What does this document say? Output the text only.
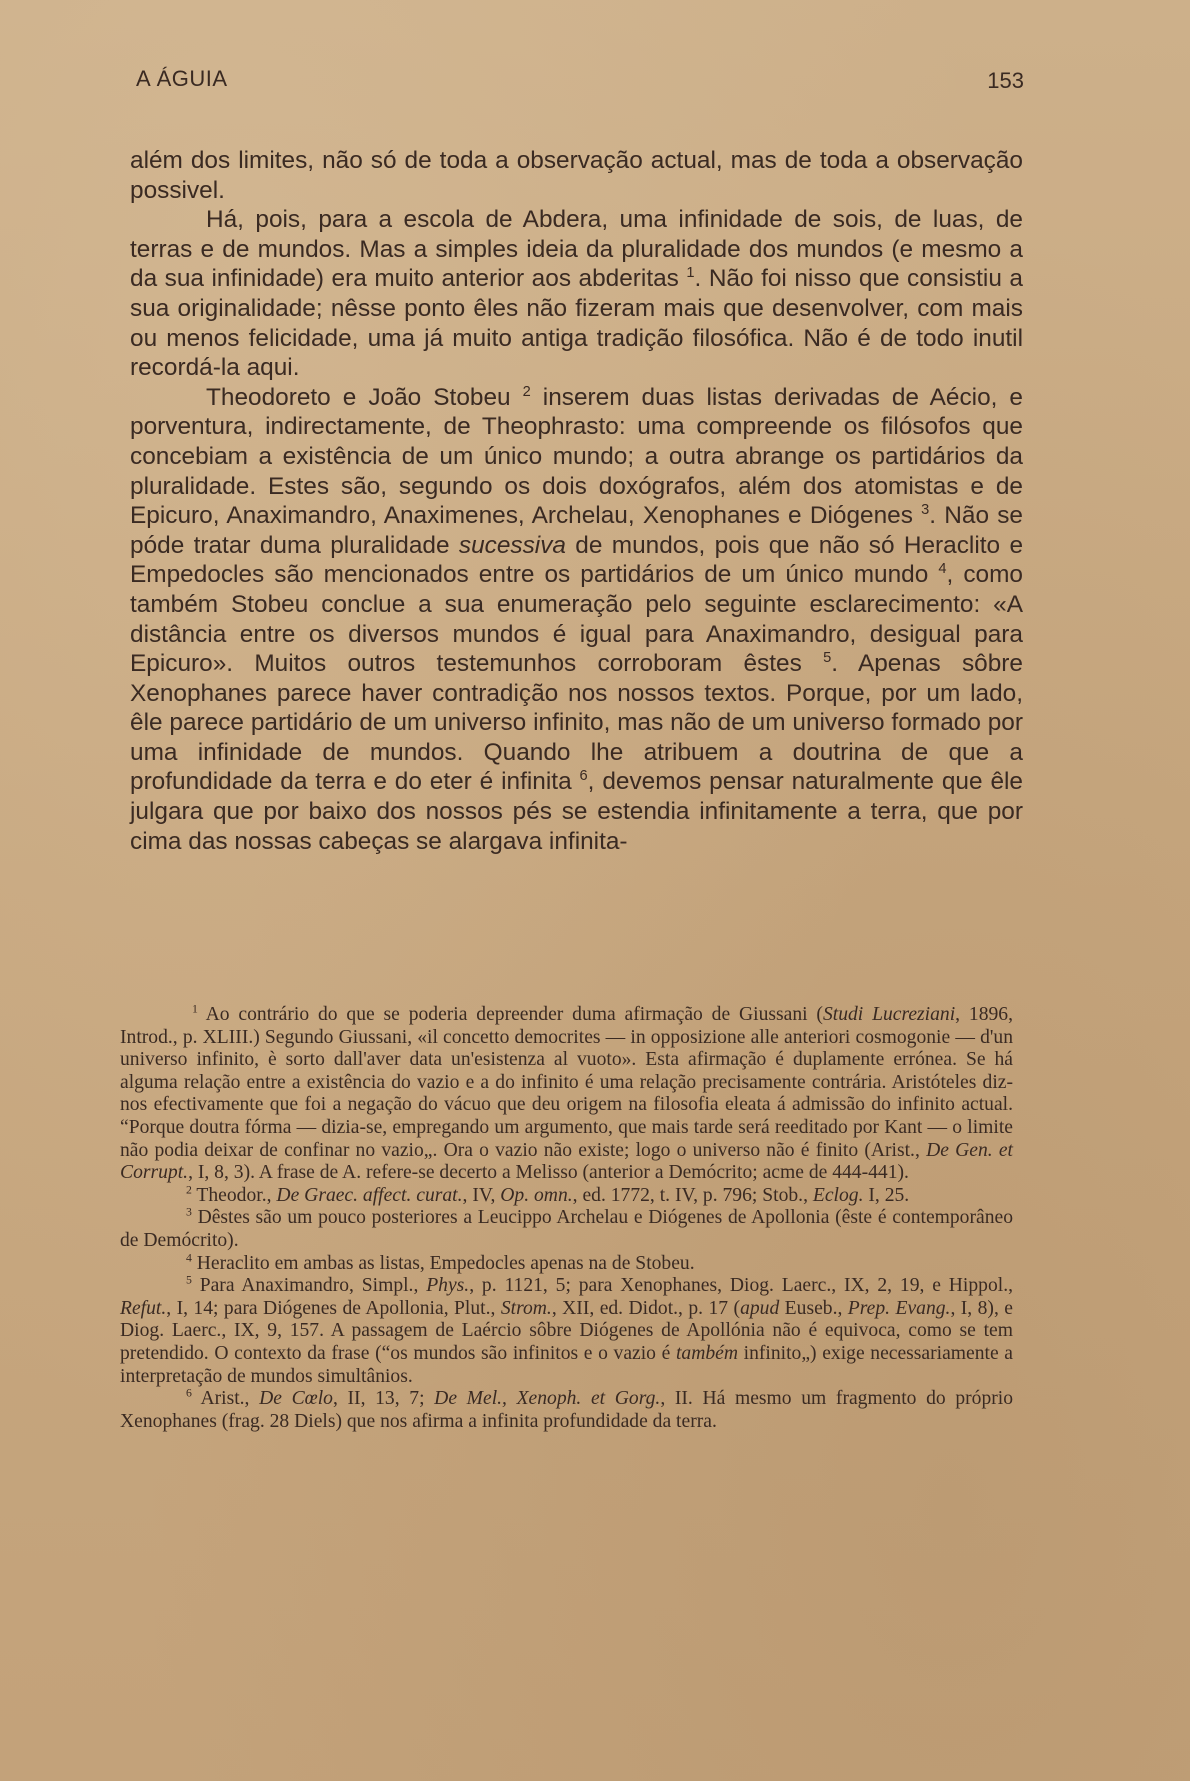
A ÁGUIA	153

além dos limites, não só de toda a observação actual, mas de toda a observação possivel.

Há, pois, para a escola de Abdera, uma infinidade de sois, de luas, de terras e de mundos. Mas a simples ideia da pluralidade dos mundos (e mesmo a da sua infinidade) era muito anterior aos abderitas $^1$. Não foi nisso que consistiu a sua originalidade; nêsse ponto êles não fizeram mais que desenvolver, com mais ou menos felicidade, uma já muito antiga tradição filosófica. Não é de todo inutil recordá-la aqui.

Theodoreto e João Stobeu $^2$ inserem duas listas derivadas de Aécio, e porventura, indirectamente, de Theophrasto: uma compreende os filósofos que concebiam a existência de um único mundo; a outra abrange os partidários da pluralidade. Estes são, segundo os dois doxógrafos, além dos atomistas e de Epicuro, Anaximandro, Anaximenes, Archelau, Xenophanes e Diógenes $^3$. Não se póde tratar duma pluralidade sucessiva de mundos, pois que não só Heraclito e Empedocles são mencionados entre os partidários de um único mundo $^4$, como também Stobeu conclue a sua enumeração pelo seguinte esclarecimento: «A distância entre os diversos mundos é igual para Anaximandro, desigual para Epicuro». Muitos outros testemunhos corroboram êstes $^5$. Apenas sôbre Xenophanes parece haver contradição nos nossos textos. Porque, por um lado, êle parece partidário de um universo infinito, mas não de um universo formado por uma infinidade de mundos. Quando lhe atribuem a doutrina de que a profundidade da terra e do eter é infinita $^6$, devemos pensar naturalmente que êle julgara que por baixo dos nossos pés se estendia infinitamente a terra, que por cima das nossas cabeças se alargava infinita-

$^1$ Ao contrário do que se poderia depreender duma afirmação de Giussani (Studi Lucreziani, 1896, Introd., p. XLIII.) Segundo Giussani, «il concetto democrites — in opposizione alle anteriori cosmogonie — d'un universo infinito, è sorto dall'aver data un'esistenza al vuoto». Esta afirmação é duplamente errónea. Se há alguma relação entre a existência do vazio e a do infinito é uma relação precisamente contrária. Aristóteles diz-nos efectivamente que foi a negação do vácuo que deu origem na filosofia eleata á admissão do infinito actual. “Porque doutra fórma — dizia-se, empregando um argumento, que mais tarde será reeditado por Kant — o limite não podia deixar de confinar no vazio„. Ora o vazio não existe; logo o universo não é finito (Arist., De Gen. et Corrupt., I, 8, 3). A frase de A. refere-se decerto a Melisso (anterior a Demócrito; acme de 444-441).

$^2$ Theodor., De Graec. affect. curat., IV, Op. omn., ed. 1772, t. IV, p. 796; Stob., Eclog. I, 25.

$^3$ Dêstes são um pouco posteriores a Leucippo Archelau e Diógenes de Apollonia (êste é contemporâneo de Demócrito).

$^4$ Heraclito em ambas as listas, Empedocles apenas na de Stobeu.

$^5$ Para Anaximandro, Simpl., Phys., p. 1121, 5; para Xenophanes, Diog. Laerc., IX, 2, 19, e Hippol., Refut., I, 14; para Diógenes de Apollonia, Plut., Strom., XII, ed. Didot., p. 17 (apud Euseb., Prep. Evang., I, 8), e Diog. Laerc., IX, 9, 157. A passagem de Laércio sôbre Diógenes de Apollónia não é equivoca, como se tem pretendido. O contexto da frase (“os mundos são infinitos e o vazio é também infinito„) exige necessariamente a interpretação de mundos simultânios.

$^6$ Arist., De Cœlo, II, 13, 7; De Mel., Xenoph. et Gorg., II. Há mesmo um fragmento do próprio Xenophanes (frag. 28 Diels) que nos afirma a infinita profundidade da terra.
